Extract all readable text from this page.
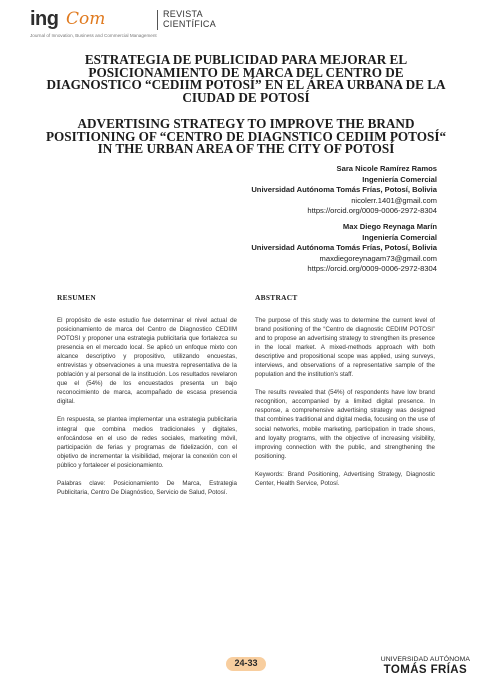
ing Com	REVISTA
CIENTÍFICA
Journal of Innovation, Business and Commercial Management
ESTRATEGIA DE PUBLICIDAD PARA MEJORAR EL POSICIONAMIENTO DE MARCA DEL CENTRO DE DIAGNOSTICO “CEDIIM POTOSÍ” EN EL ÁREA URBANA DE LA CIUDAD DE POTOSÍ
ADVERTISING STRATEGY TO IMPROVE THE BRAND POSITIONING OF “CENTRO DE DIAGNSTICO CEDIIM POTOSÍ“ IN THE URBAN AREA OF THE CITY OF POTOSÍ
Sara Nicole Ramírez Ramos
Ingeniería Comercial
Universidad Autónoma Tomás Frías, Potosí, Bolivia
nicolerr.1401@gmail.com
https://orcid.org/0009-0006-2972-8304
Max Diego Reynaga Marín
Ingeniería Comercial
Universidad Autónoma Tomás Frías, Potosí, Bolivia
maxdiegoreynagam73@gmail.com
https://orcid.org/0009-0006-2972-8304
RESUMEN

El propósito de este estudio fue determinar el nivel actual de posicionamiento de marca del Centro de Diagnostico CEDIIM POTOSI y proponer una estrategia publicitaria que fortalezca su presencia en el mercado local. Se aplicó un enfoque mixto con alcance descriptivo y propositivo, utilizando encuestas, entrevistas y observaciones a una muestra representativa de la población y al personal de la institución. Los resultados revelaron que el (54%) de los encuestados presenta un bajo reconocimiento de marca, acompañado de escasa presencia digital.

En respuesta, se plantea implementar una estrategia publicitaria integral que combina medios tradicionales y digitales, enfocándose en el uso de redes sociales, marketing móvil, participación de ferias y programas de fidelización, con el objetivo de incrementar la visibilidad, mejorar la conexión con el público y fortalecer el posicionamiento.

Palabras clave: Posicionamiento De Marca, Estrategia Publicitaria, Centro De Diagnóstico, Servicio de Salud, Potosí.

ABSTRACT

The purpose of this study was to determine the current level of brand positioning of the “Centro de diagnostic CEDIIM POTOSI” and to propose an advertising strategy to strengthen its presence in the local market. A mixed-methods approach with both descriptive and propositional scope was applied, using surveys, interviews, and observations of a representative sample of the population and the institution’s staff.

The results revealed that (54%) of respondents have low brand recognition, accompanied by a limited digital presence. In response, a comprehensive advertising strategy was designed that combines traditional and digital media, focusing on the use of social networks, mobile marketing, participation in trade shows, and loyalty programs, with the objective of increasing visibility, improving connection with the public, and strengthening the positioning.

Keywords: Brand Positioning, Advertising Strategy, Diagnostic Center, Health Service, Potosí.

24-33	UNIVERSIDAD AUTÓNOMA
TOMÁS FRÍAS
